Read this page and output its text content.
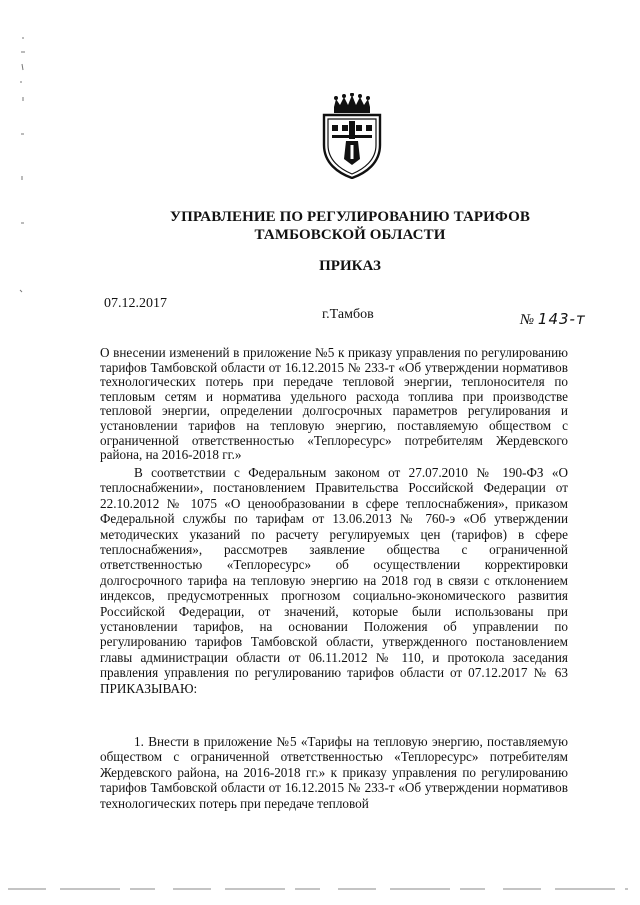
УПРАВЛЕНИЕ ПО РЕГУЛИРОВАНИЮ ТАРИФОВ
ТАМБОВСКОЙ ОБЛАСТИ
ПРИКАЗ
07.12.2017
г.Тамбов	№ 143-т
О внесении изменений в приложение №5 к приказу управления по регулированию тарифов Тамбовской области от 16.12.2015 № 233-т «Об утверждении нормативов технологических потерь при передаче тепловой энергии, теплоносителя по тепловым сетям и норматива удельного расхода топлива при производстве тепловой энергии, определении долгосрочных параметров регулирования и установлении тарифов на тепловую энергию, поставляемую обществом с ограниченной ответственностью «Теплоресурс» потребителям Жердевского района, на 2016-2018 гг.»
В соответствии с Федеральным законом от 27.07.2010 № 190-ФЗ «О теплоснабжении», постановлением Правительства Российской Федерации от 22.10.2012 № 1075 «О ценообразовании в сфере теплоснабжения», приказом Федеральной службы по тарифам от 13.06.2013 № 760-э «Об утверждении методических указаний по расчету регулируемых цен (тарифов) в сфере теплоснабжения», рассмотрев заявление общества с ограниченной ответственностью «Теплоресурс» об осуществлении корректировки долгосрочного тарифа на тепловую энергию на 2018 год в связи с отклонением индексов, предусмотренных прогнозом социально-экономического развития Российской Федерации, от значений, которые были использованы при установлении тарифов, на основании Положения об управлении по регулированию тарифов Тамбовской области, утвержденного постановлением главы администрации области от 06.11.2012 № 110, и протокола заседания правления управления по регулированию тарифов области от 07.12.2017 № 63 ПРИКАЗЫВАЮ:
1. Внести в приложение №5 «Тарифы на тепловую энергию, поставляемую обществом с ограниченной ответственностью «Теплоресурс» потребителям Жердевского района, на 2016-2018 гг.» к приказу управления по регулированию тарифов Тамбовской области от 16.12.2015 № 233-т «Об утверждении нормативов технологических потерь при передаче тепловой
